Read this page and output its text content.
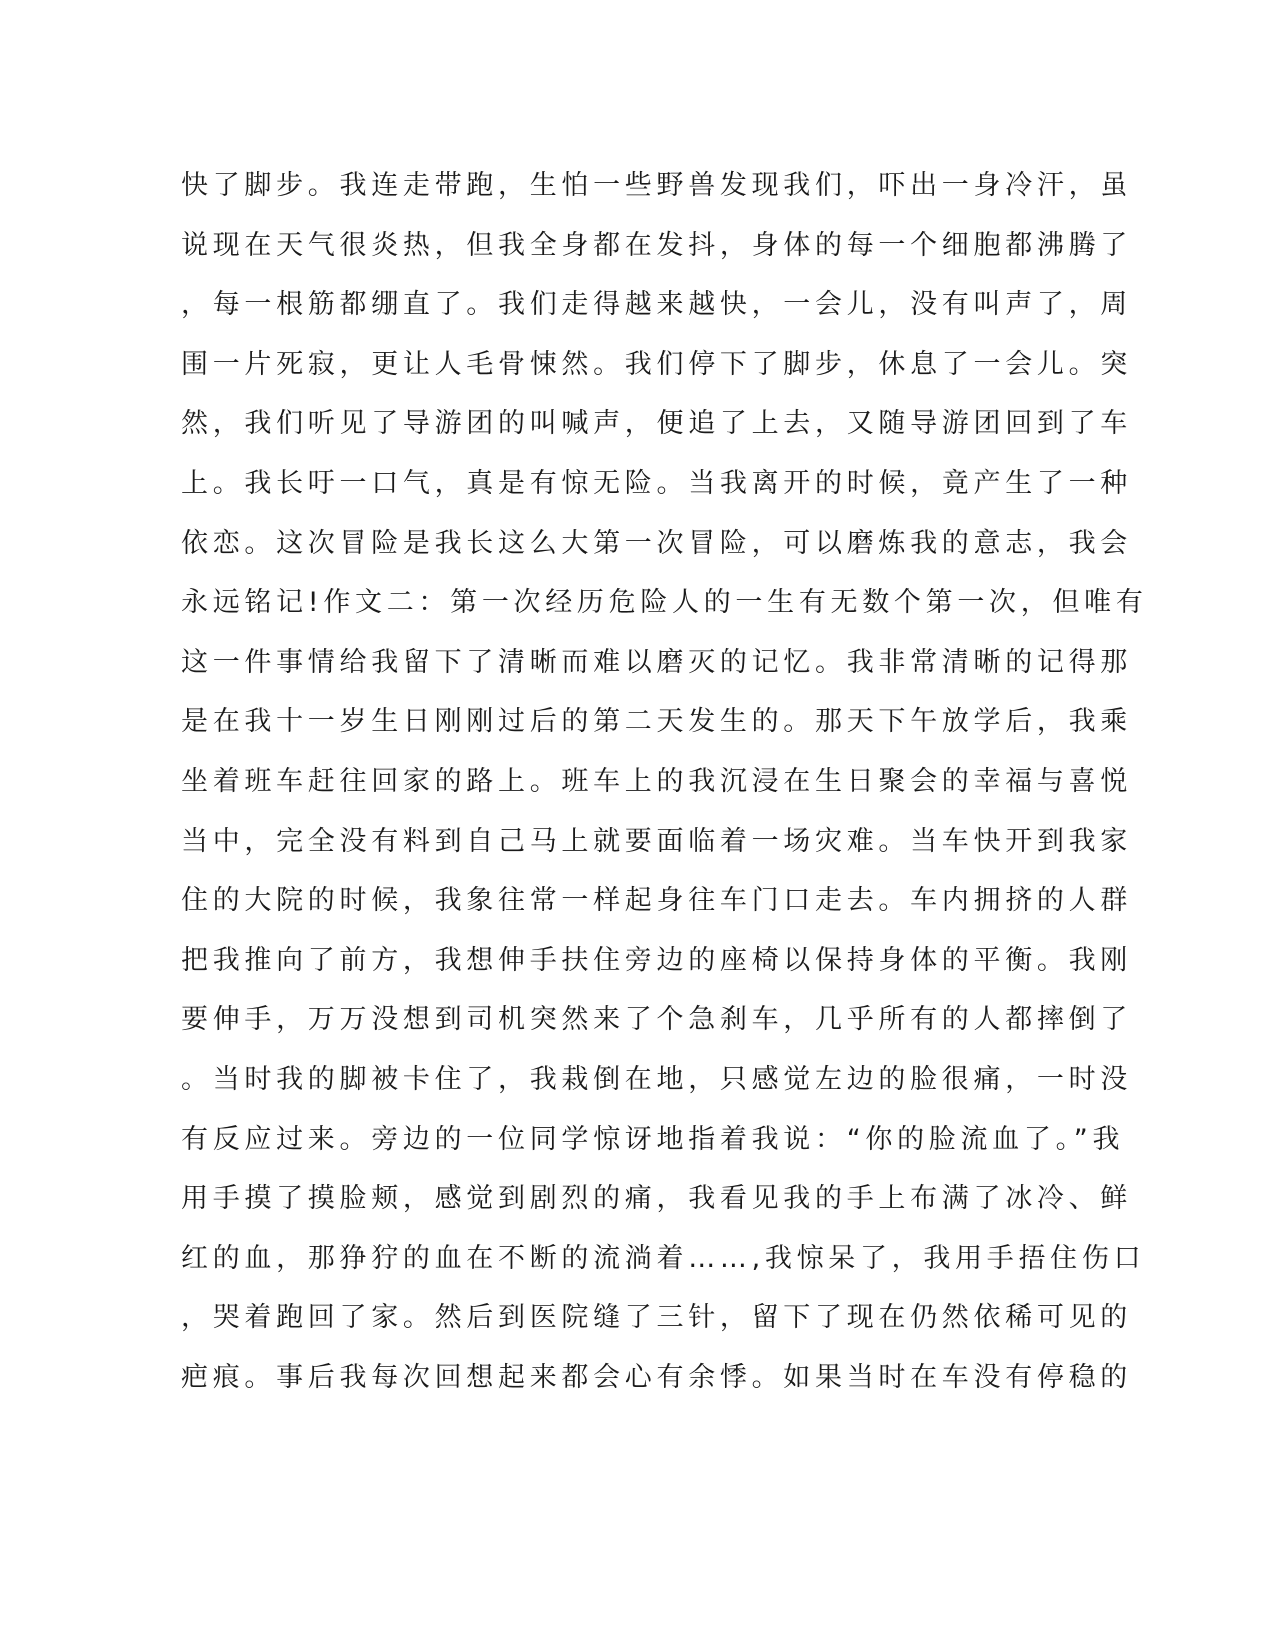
快了脚步。我连走带跑，生怕一些野兽发现我们，吓出一身冷汗，虽
说现在天气很炎热，但我全身都在发抖，身体的每一个细胞都沸腾了
，每一根筋都绷直了。我们走得越来越快，一会儿，没有叫声了，周
围一片死寂，更让人毛骨悚然。我们停下了脚步，休息了一会儿。突
然，我们听见了导游团的叫喊声，便追了上去，又随导游团回到了车
上。我长吁一口气，真是有惊无险。当我离开的时候，竟产生了一种
依恋。这次冒险是我长这么大第一次冒险，可以磨炼我的意志，我会
永远铭记!作文二：第一次经历危险人的一生有无数个第一次，但唯有
这一件事情给我留下了清晰而难以磨灭的记忆。我非常清晰的记得那
是在我十一岁生日刚刚过后的第二天发生的。那天下午放学后，我乘
坐着班车赶往回家的路上。班车上的我沉浸在生日聚会的幸福与喜悦
当中，完全没有料到自己马上就要面临着一场灾难。当车快开到我家
住的大院的时候，我象往常一样起身往车门口走去。车内拥挤的人群
把我推向了前方，我想伸手扶住旁边的座椅以保持身体的平衡。我刚
要伸手，万万没想到司机突然来了个急刹车，几乎所有的人都摔倒了
。当时我的脚被卡住了，我栽倒在地，只感觉左边的脸很痛，一时没
有反应过来。旁边的一位同学惊讶地指着我说：“你的脸流血了。”我
用手摸了摸脸颊，感觉到剧烈的痛，我看见我的手上布满了冰冷、鲜
红的血，那狰狞的血在不断的流淌着……,我惊呆了，我用手捂住伤口
，哭着跑回了家。然后到医院缝了三针，留下了现在仍然依稀可见的
疤痕。事后我每次回想起来都会心有余悸。如果当时在车没有停稳的
